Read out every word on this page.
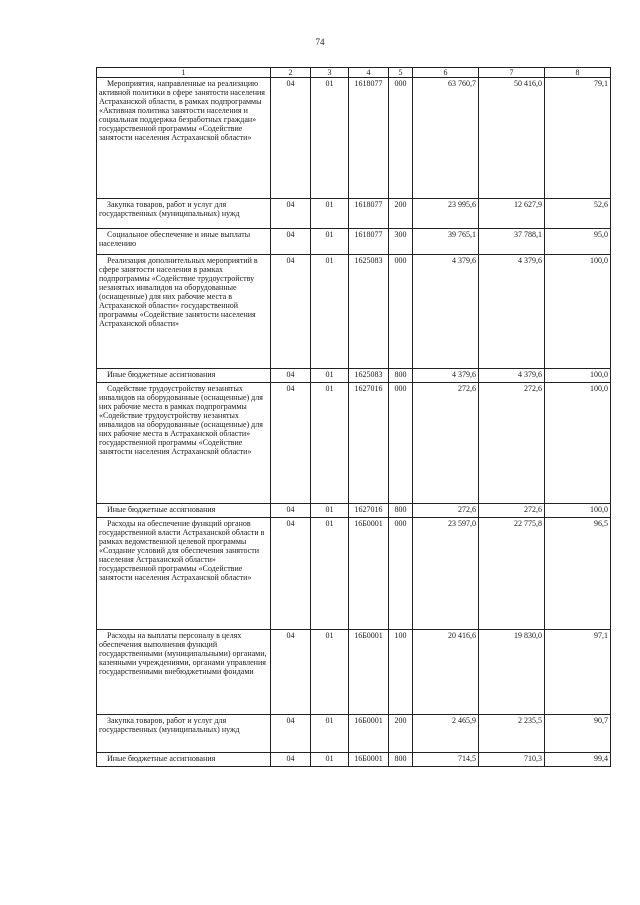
74
1	2	3	4	5	6	7	8
Мероприятия, направленные на реализацию активной политики в сфере занятости населения Астраханской области, в рамках подпрограммы «Активная политика занятости населения и социальная поддержка безработных граждан» государственной программы «Содействие занятости населения Астраханской области»	04	01	1618077	000	63 760,7	50 416,0	79,1
Закупка товаров, работ и услуг для государственных (муниципальных) нужд	04	01	1618077	200	23 995,6	12 627,9	52,6
Социальное обеспечение и иные выплаты населению	04	01	1618077	300	39 765,1	37 788,1	95,0
Реализация дополнительных мероприятий в сфере занятости населения в рамках подпрограммы «Содействие трудоустройству незанятых инвалидов на оборудованные (оснащенные) для них рабочие места в Астраханской области» государственной программы «Содействие занятости населения Астраханской области»	04	01	1625083	000	4 379,6	4 379,6	100,0
Иные бюджетные ассигнования	04	01	1625083	800	4 379,6	4 379,6	100,0
Содействие трудоустройству незанятых инвалидов на оборудованные (оснащенные) для них рабочие места в рамках подпрограммы «Содействие трудоустройству незанятых инвалидов на оборудованные (оснащенные) для них рабочие места в Астраханской области» государственной программы «Содействие занятости населения Астраханской области»	04	01	1627016	000	272,6	272,6	100,0
Иные бюджетные ассигнования	04	01	1627016	800	272,6	272,6	100,0
Расходы на обеспечение функций органов государственной власти Астраханской области в рамках ведомственной целевой программы «Создание условий для обеспечения занятости населения Астраханской области» государственной программы «Содействие занятости населения Астраханской области»	04	01	16Б0001	000	23 597,0	22 775,8	96,5
Расходы на выплаты персоналу в целях обеспечения выполнения функций государственными (муниципальными) органами, казенными учреждениями, органами управления государственными внебюджетными фондами	04	01	16Б0001	100	20 416,6	19 830,0	97,1
Закупка товаров, работ и услуг для государственных (муниципальных) нужд	04	01	16Б0001	200	2 465,9	2 235,5	90,7
Иные бюджетные ассигнования	04	01	16Б0001	800	714,5	710,3	99,4
